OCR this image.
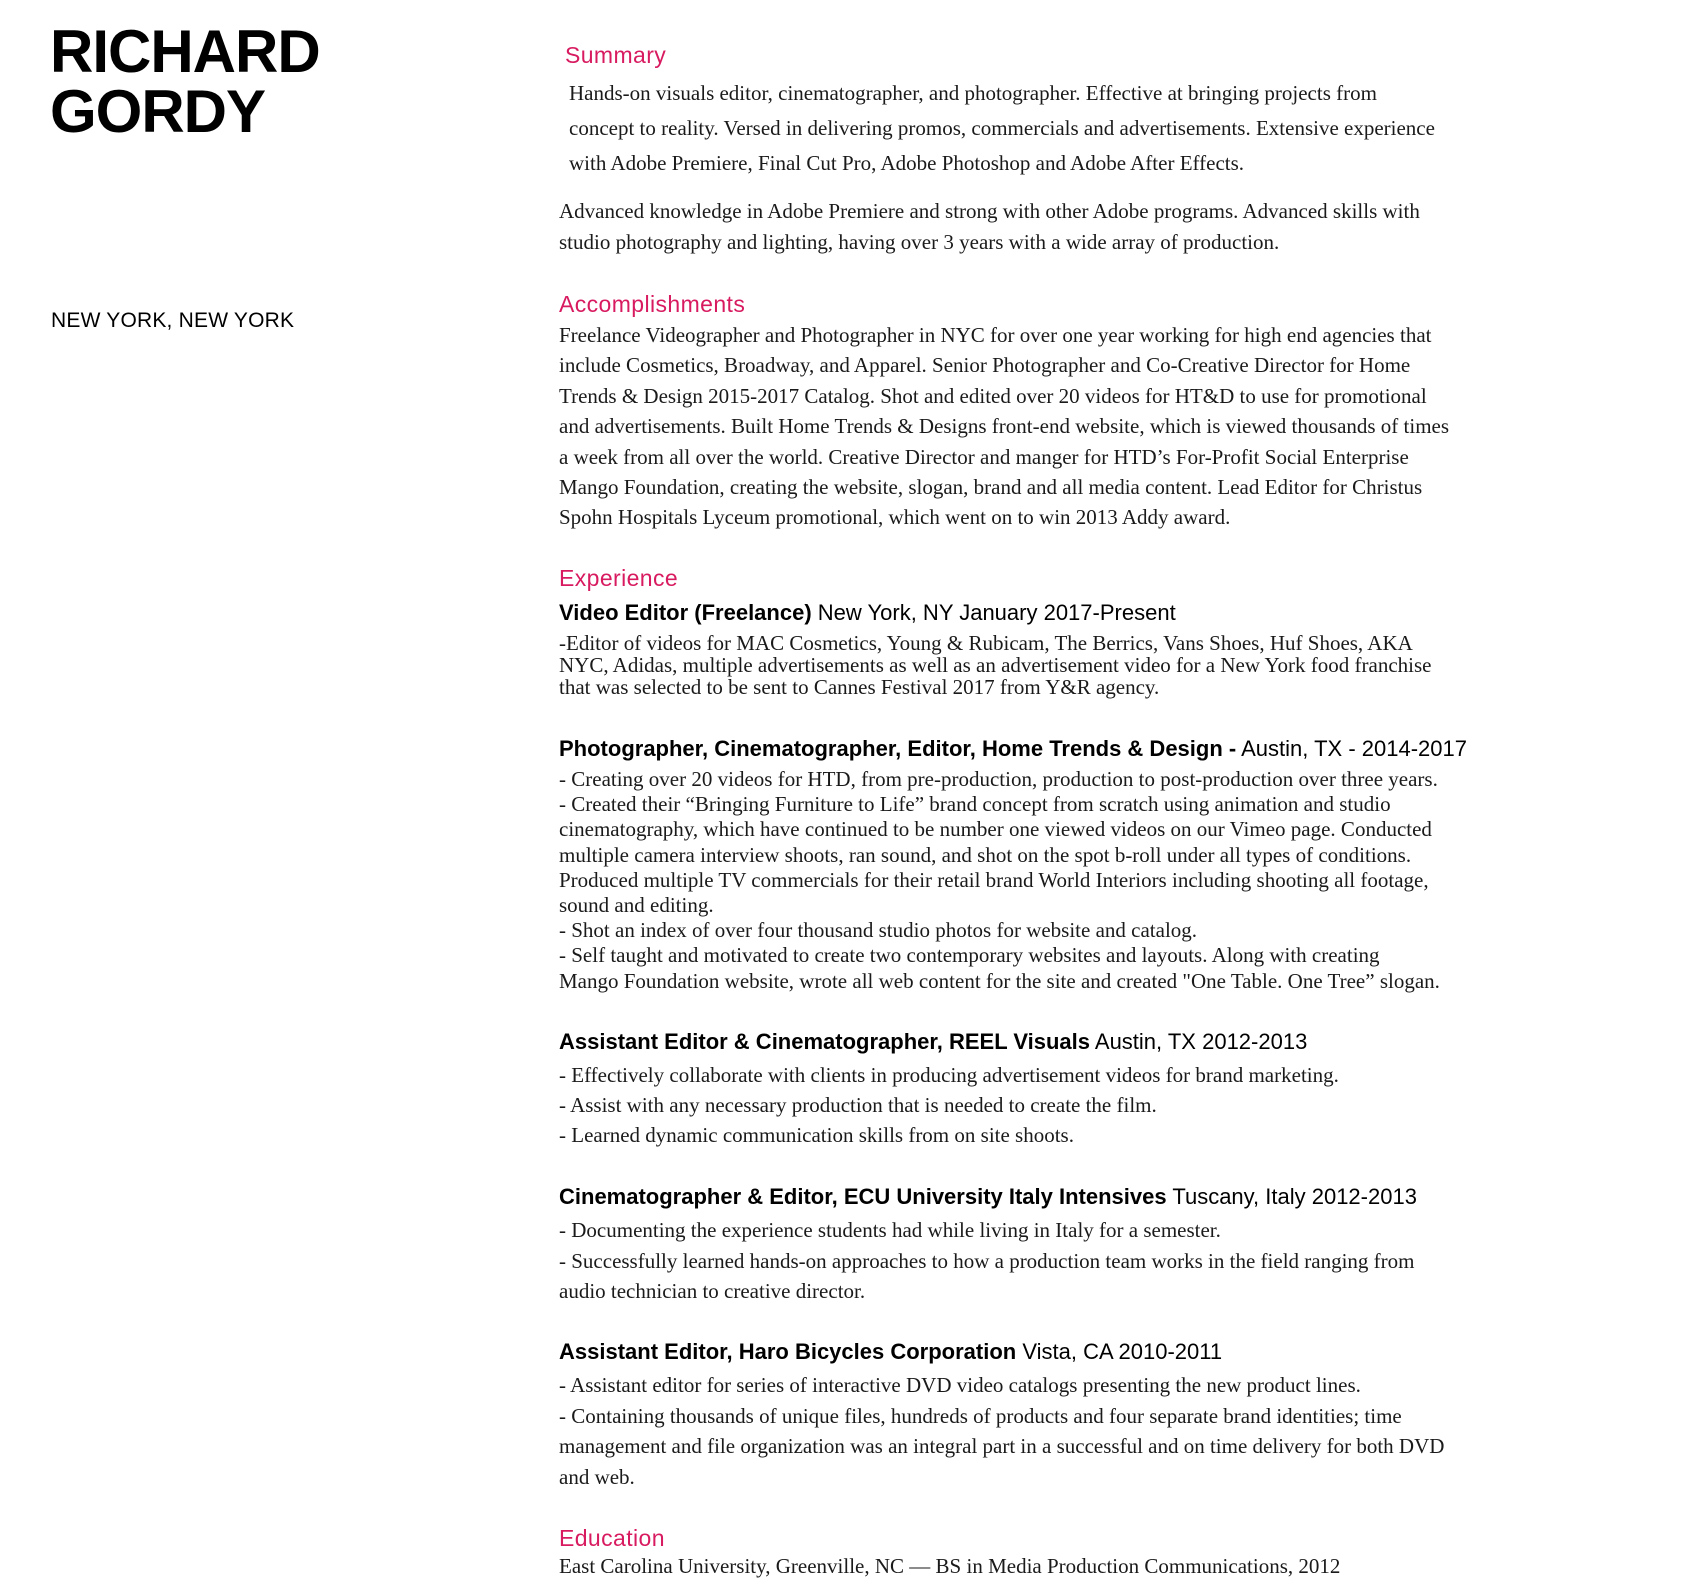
RICHARD
GORDY
NEW YORK, NEW YORK
Summary
Hands-on visuals editor, cinematographer, and photographer. Effective at bringing projects from
concept to reality. Versed in delivering promos, commercials and advertisements. Extensive experience
with Adobe Premiere, Final Cut Pro, Adobe Photoshop and Adobe After Effects.
Advanced knowledge in Adobe Premiere and strong with other Adobe programs. Advanced skills with
studio photography and lighting, having over 3 years with a wide array of production.
Accomplishments
Freelance Videographer and Photographer in NYC for over one year working for high end agencies that
include Cosmetics, Broadway, and Apparel. Senior Photographer and Co-Creative Director for Home
Trends & Design 2015-2017 Catalog. Shot and edited over 20 videos for HT&D to use for promotional
and advertisements. Built Home Trends & Designs front-end website, which is viewed thousands of times
a week from all over the world. Creative Director and manger for HTD’s For-Profit Social Enterprise
Mango Foundation, creating the website, slogan, brand and all media content. Lead Editor for Christus
Spohn Hospitals Lyceum promotional, which went on to win 2013 Addy award.
Experience
Video Editor (Freelance) New York, NY January 2017-Present
-Editor of videos for MAC Cosmetics, Young & Rubicam, The Berrics, Vans Shoes, Huf Shoes, AKA
NYC, Adidas, multiple advertisements as well as an advertisement video for a New York food franchise
that was selected to be sent to Cannes Festival 2017 from Y&R agency.
Photographer, Cinematographer, Editor, Home Trends & Design - Austin, TX - 2014-2017
- Creating over 20 videos for HTD, from pre-production, production to post-production over three years.
- Created their “Bringing Furniture to Life” brand concept from scratch using animation and studio
cinematography, which have continued to be number one viewed videos on our Vimeo page. Conducted
multiple camera interview shoots, ran sound, and shot on the spot b-roll under all types of conditions.
Produced multiple TV commercials for their retail brand World Interiors including shooting all footage,
sound and editing.
- Shot an index of over four thousand studio photos for website and catalog.
- Self taught and motivated to create two contemporary websites and layouts. Along with creating
Mango Foundation website, wrote all web content for the site and created "One Table. One Tree” slogan.
Assistant Editor & Cinematographer, REEL Visuals Austin, TX 2012-2013
- Effectively collaborate with clients in producing advertisement videos for brand marketing.
- Assist with any necessary production that is needed to create the film.
- Learned dynamic communication skills from on site shoots.
Cinematographer & Editor, ECU University Italy Intensives Tuscany, Italy 2012-2013
- Documenting the experience students had while living in Italy for a semester.
- Successfully learned hands-on approaches to how a production team works in the field ranging from
audio technician to creative director.
Assistant Editor, Haro Bicycles Corporation Vista, CA 2010-2011
- Assistant editor for series of interactive DVD video catalogs presenting the new product lines.
- Containing thousands of unique files, hundreds of products and four separate brand identities; time
management and file organization was an integral part in a successful and on time delivery for both DVD
and web.
Education
East Carolina University, Greenville, NC — BS in Media Production Communications, 2012
